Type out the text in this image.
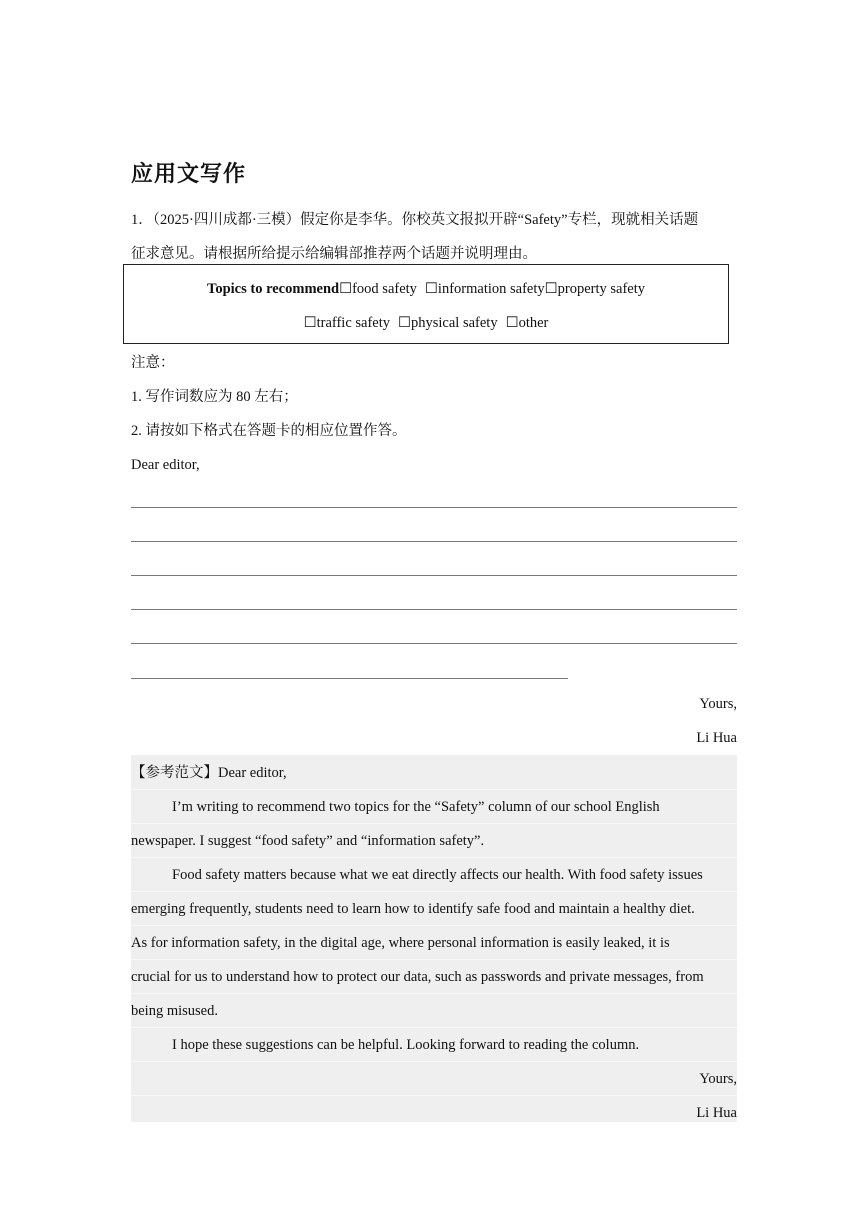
应用文写作
1．（2025·四川成都·三模）假定你是李华。你校英文报拟开辟“Safety”专栏，现就相关话题
征求意见。请根据所给提示给编辑部推荐两个话题并说明理由。
Topics to recommend☐food safety ☐information safety☐property safety
☐traffic safety ☐physical safety ☐other
注意：
1. 写作词数应为 80 左右；
2. 请按如下格式在答题卡的相应位置作答。
Dear editor,
Yours,
Li Hua
【参考范文】Dear editor,
I’m writing to recommend two topics for the “Safety” column of our school English
newspaper. I suggest “food safety” and “information safety”.
Food safety matters because what we eat directly affects our health. With food safety issues
emerging frequently, students need to learn how to identify safe food and maintain a healthy diet.
As for information safety, in the digital age, where personal information is easily leaked, it is
crucial for us to understand how to protect our data, such as passwords and private messages, from
being misused.
I hope these suggestions can be helpful. Looking forward to reading the column.
Yours,
Li Hua
